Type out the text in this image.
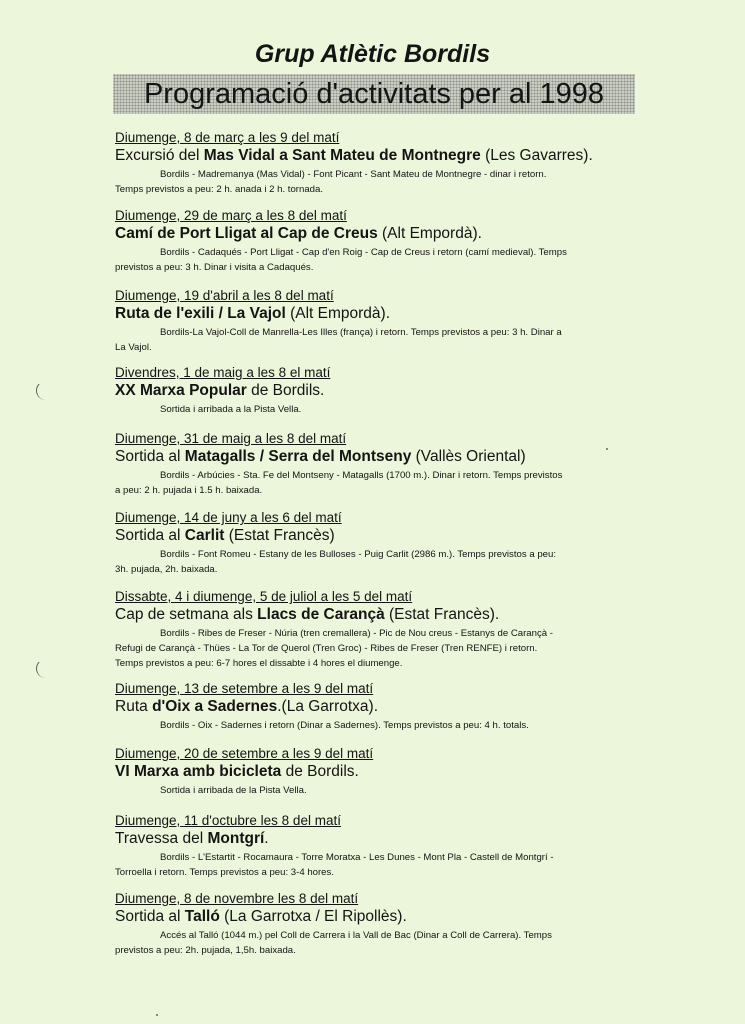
Grup Atlètic Bordils
Programació d'activitats per al 1998
Diumenge, 8 de març a les 9 del matí
Excursió del Mas Vidal a Sant Mateu de Montnegre (Les Gavarres).
Bordils - Madremanya (Mas Vidal) - Font Picant - Sant Mateu de Montnegre - dinar i retorn.
Temps previstos a peu: 2 h. anada i 2 h. tornada.
Diumenge, 29 de març a les 8 del matí
Camí de Port Lligat al Cap de Creus (Alt Empordà).
Bordils - Cadaqués - Port Lligat - Cap d'en Roig - Cap de Creus i retorn (camí medieval). Temps
previstos a peu: 3 h. Dinar i visita a Cadaqués.
Diumenge, 19 d'abril a les 8 del matí
Ruta de l'exili / La Vajol (Alt Empordà).
Bordils-La Vajol-Coll de Manrella-Les Illes (frança) i retorn. Temps previstos a peu: 3 h. Dinar a
La Vajol.
Divendres, 1 de maig a les 8 el matí
XX Marxa Popular de Bordils.
Sortida i arribada a la Pista Vella.
Diumenge, 31 de maig a les 8 del matí
Sortida al Matagalls / Serra del Montseny (Vallès Oriental)
Bordils - Arbúcies - Sta. Fe del Montseny - Matagalls (1700 m.). Dinar i retorn. Temps previstos
a peu: 2 h. pujada i 1.5 h. baixada.
Diumenge, 14 de juny a les 6 del matí
Sortida al Carlit (Estat Francès)
Bordils - Font Romeu - Estany de les Bulloses - Puig Carlit (2986 m.). Temps previstos a peu:
3h. pujada, 2h. baixada.
Dissabte, 4 i diumenge, 5 de juliol a les 5 del matí
Cap de setmana als Llacs de Carançà (Estat Francès).
Bordils - Ribes de Freser - Núria (tren cremallera) - Pic de Nou creus - Estanys de Carançà -
Refugi de Carançà - Thües - La Tor de Querol (Tren Groc) - Ribes de Freser (Tren RENFE) i retorn.
Temps previstos a peu: 6-7 hores el dissabte i 4 hores el diumenge.
Diumenge, 13 de setembre a les 9 del matí
Ruta d'Oix a Sadernes.(La Garrotxa).
Bordils - Oix - Sadernes i retorn (Dinar a Sadernes). Temps previstos a peu: 4 h. totals.
Diumenge, 20 de setembre a les 9 del matí
VI Marxa amb bicicleta de Bordils.
Sortida i arribada de la Pista Vella.
Diumenge, 11 d'octubre les 8 del matí
Travessa del Montgrí.
Bordils - L'Estartit - Rocamaura - Torre Moratxa - Les Dunes - Mont Pla - Castell de Montgrí -
Torroella i retorn. Temps previstos a peu: 3-4 hores.
Diumenge, 8 de novembre les 8 del matí
Sortida al Talló (La Garrotxa / El Ripollès).
Accés al Talló (1044 m.) pel Coll de Carrera i la Vall de Bac (Dinar a Coll de Carrera). Temps
previstos a peu: 2h. pujada, 1,5h. baixada.
